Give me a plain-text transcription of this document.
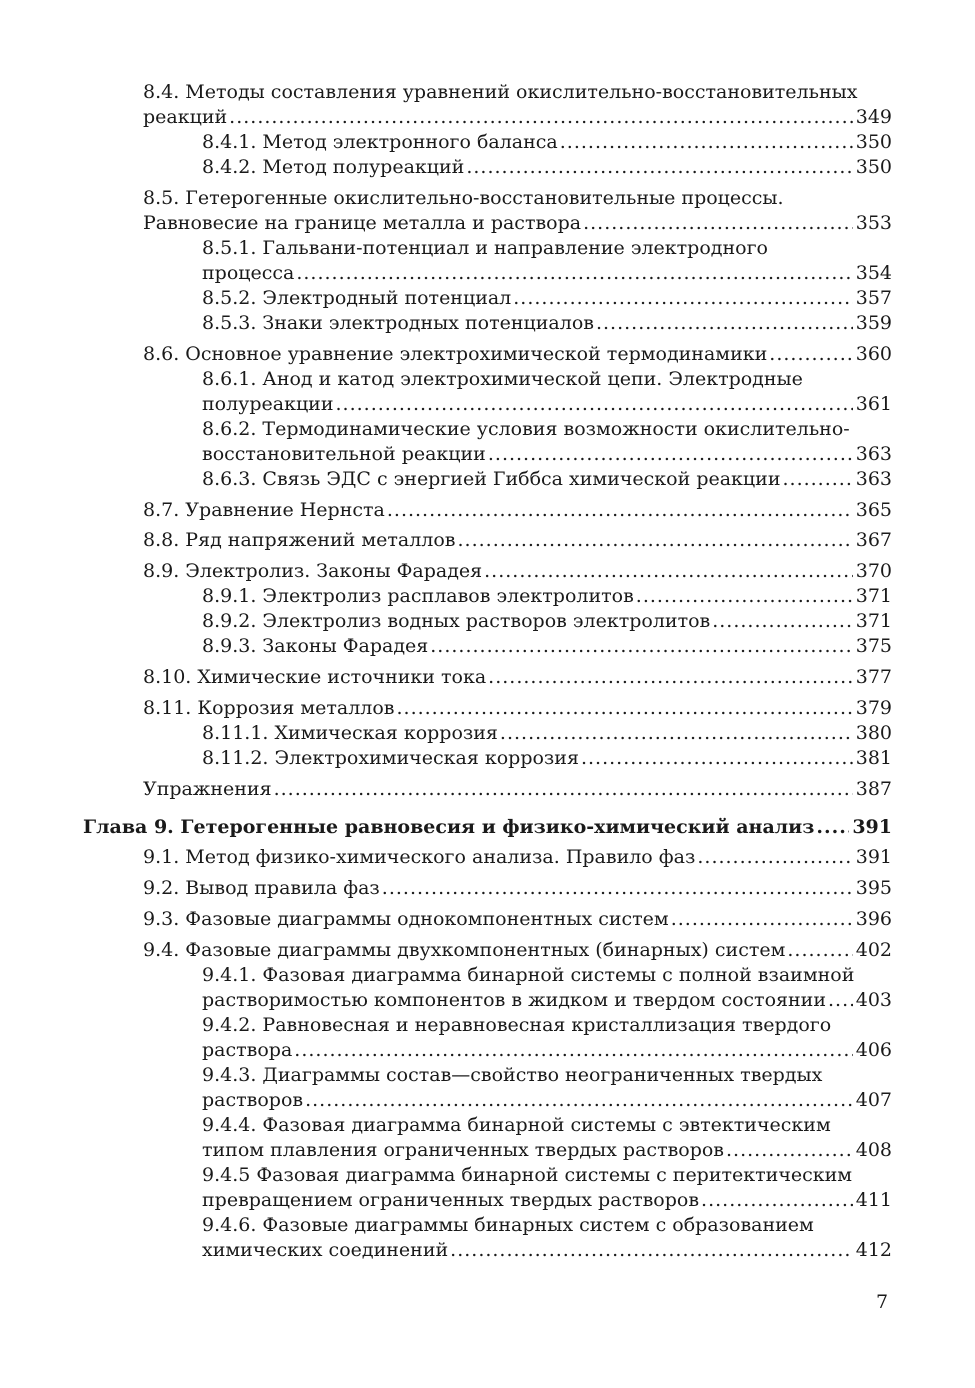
8.4. Методы составления уравнений окислительно-восстановительных
реакций .....	349
8.4.1. Метод электронного баланса .....	350
8.4.2. Метод полуреакций .....	350
8.5. Гетерогенные окислительно-восстановительные процессы.
Равновесие на границе металла и раствора .....	353
8.5.1. Гальвани-потенциал и направление электродного
процесса .....	354
8.5.2. Электродный потенциал .....	357
8.5.3. Знаки электродных потенциалов .....	359
8.6. Основное уравнение электрохимической термодинамики .....	360
8.6.1. Анод и катод электрохимической цепи. Электродные
полуреакции .....	361
8.6.2. Термодинамические условия возможности окислительно-
восстановительной реакции .....	363
8.6.3. Связь ЭДС с энергией Гиббса химической реакции .....	363
8.7. Уравнение Нернста .....	365
8.8. Ряд напряжений металлов .....	367
8.9. Электролиз. Законы Фарадея .....	370
8.9.1. Электролиз расплавов электролитов .....	371
8.9.2. Электролиз водных растворов электролитов .....	371
8.9.3. Законы Фарадея .....	375
8.10. Химические источники тока .....	377
8.11. Коррозия металлов .....	379
8.11.1. Химическая коррозия .....	380
8.11.2. Электрохимическая коррозия .....	381
Упражнения .....	387
Глава 9. Гетерогенные равновесия и физико-химический анализ ..... 391
9.1. Метод физико-химического анализа. Правило фаз .....	391
9.2. Вывод правила фаз .....	395
9.3. Фазовые диаграммы однокомпонентных систем .....	396
9.4. Фазовые диаграммы двухкомпонентных (бинарных) систем .....	402
9.4.1. Фазовая диаграмма бинарной системы с полной взаимной
растворимостью компонентов в жидком и твердом состоянии ..... 403
9.4.2. Равновесная и неравновесная кристаллизация твердого
раствора .....	406
9.4.3. Диаграммы состав—свойство неограниченных твердых
растворов .....	407
9.4.4. Фазовая диаграмма бинарной системы с эвтектическим
типом плавления ограниченных твердых растворов .....	408
9.4.5 Фазовая диаграмма бинарной системы с перитектическим
превращением ограниченных твердых растворов .....	411
9.4.6. Фазовые диаграммы бинарных систем с образованием
химических соединений .....	412
7
